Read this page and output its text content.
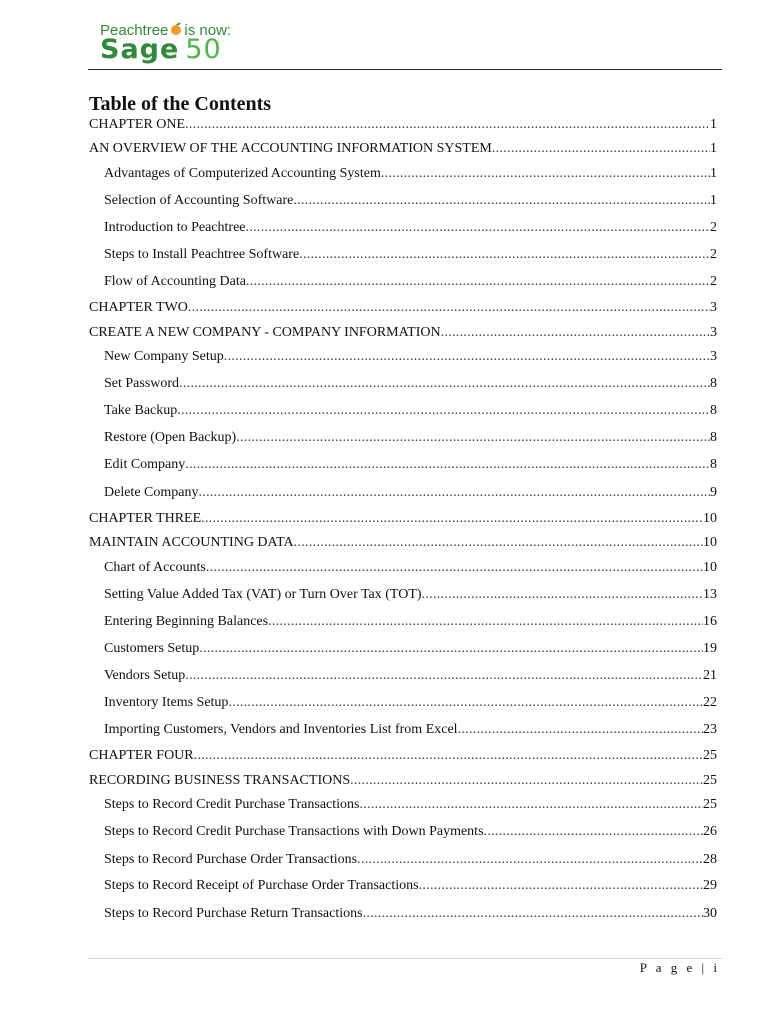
Peachtree is now:
Sage 50
Table of the Contents
CHAPTER ONE .....	1
AN OVERVIEW OF THE ACCOUNTING INFORMATION SYSTEM .....	1
Advantages of Computerized Accounting System .....	1
Selection of Accounting Software .....	1
Introduction to Peachtree .....	2
Steps to Install Peachtree Software .....	2
Flow of Accounting Data .....	2
CHAPTER TWO .....	3
CREATE A NEW COMPANY - COMPANY INFORMATION .....	3
New Company Setup .....	3
Set Password .....	8
Take Backup .....	8
Restore (Open Backup) .....	8
Edit Company .....	8
Delete Company .....	9
CHAPTER THREE .....	10
MAINTAIN ACCOUNTING DATA .....	10
Chart of Accounts .....	10
Setting Value Added Tax (VAT) or Turn Over Tax (TOT) .....	13
Entering Beginning Balances .....	16
Customers Setup .....	19
Vendors Setup .....	21
Inventory Items Setup .....	22
Importing Customers, Vendors and Inventories List from Excel .....	23
CHAPTER FOUR .....	25
RECORDING BUSINESS TRANSACTIONS .....	25
Steps to Record Credit Purchase Transactions .....	25
Steps to Record Credit Purchase Transactions with Down Payments .....	26
Steps to Record Purchase Order Transactions .....	28
Steps to Record Receipt of Purchase Order Transactions .....	29
Steps to Record Purchase Return Transactions .....	30
P a g e | i
